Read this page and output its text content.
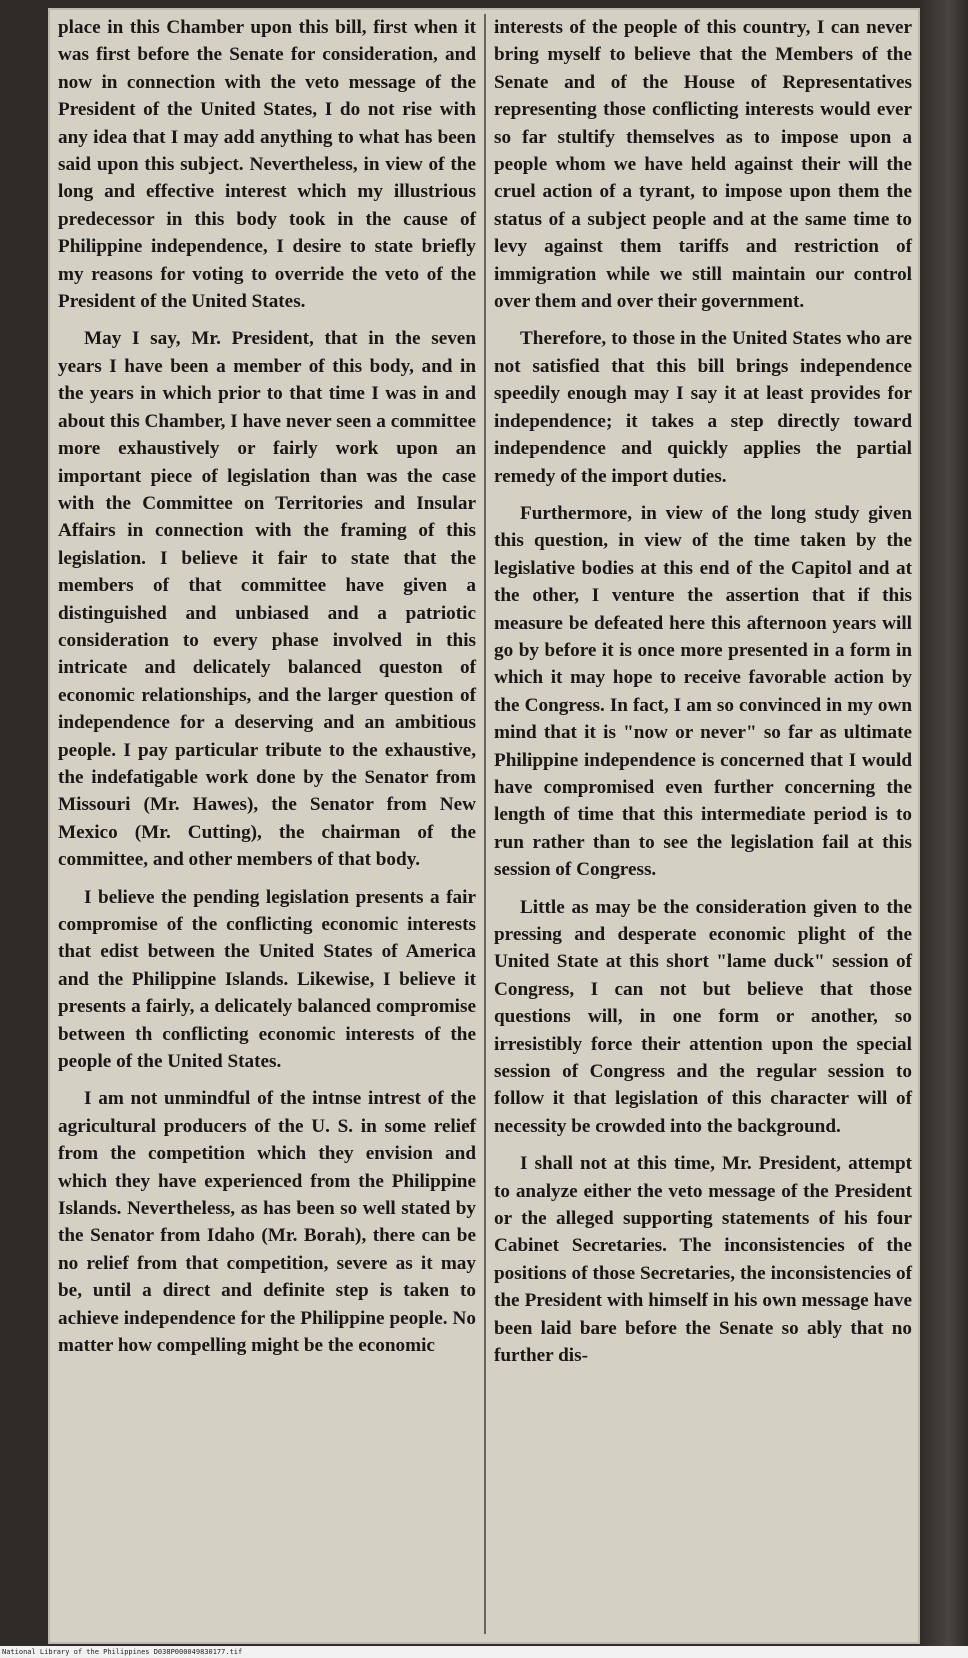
place in this Chamber upon this bill, first when it was first before the Senate for consideration, and now in connection with the veto message of the President of the United States, I do not rise with any idea that I may add anything to what has been said upon this subject. Nevertheless, in view of the long and effective interest which my illustrious predecessor in this body took in the cause of Philippine independence, I desire to state briefly my reasons for voting to override the veto of the President of the United States.

May I say, Mr. President, that in the seven years I have been a member of this body, and in the years in which prior to that time I was in and about this Chamber, I have never seen a committee more exhaustively or fairly work upon an important piece of legislation than was the case with the Committee on Territories and Insular Affairs in connection with the framing of this legislation. I believe it fair to state that the members of that committee have given a distinguished and unbiased and a patriotic consideration to every phase involved in this intricate and delicately balanced queston of economic relationships, and the larger question of independence for a deserving and an ambitious people. I pay particular tribute to the exhaustive, the indefatigable work done by the Senator from Missouri (Mr. Hawes), the Senator from New Mexico (Mr. Cutting), the chairman of the committee, and other members of that body.

I believe the pending legislation presents a fair compromise of the conflicting economic interests that edist between the United States of America and the Philippine Islands. Likewise, I believe it presents a fairly, a delicately balanced compromise between th conflicting economic interests of the people of the United States.

I am not unmindful of the intnse intrest of the agricultural producers of the U. S. in some relief from the competition which they envision and which they have experienced from the Philippine Islands. Nevertheless, as has been so well stated by the Senator from Idaho (Mr. Borah), there can be no relief from that competition, severe as it may be, until a direct and definite step is taken to achieve independence for the Philippine people. No matter how compelling might be the economic

interests of the people of this country, I can never bring myself to believe that the Members of the Senate and of the House of Representatives representing those conflicting interests would ever so far stultify themselves as to impose upon a people whom we have held against their will the cruel action of a tyrant, to impose upon them the status of a subject people and at the same time to levy against them tariffs and restriction of immigration while we still maintain our control over them and over their government.

Therefore, to those in the United States who are not satisfied that this bill brings independence speedily enough may I say it at least provides for independence; it takes a step directly toward independence and quickly applies the partial remedy of the import duties.

Furthermore, in view of the long study given this question, in view of the time taken by the legislative bodies at this end of the Capitol and at the other, I venture the assertion that if this measure be defeated here this afternoon years will go by before it is once more presented in a form in which it may hope to receive favorable action by the Congress. In fact, I am so convinced in my own mind that it is "now or never" so far as ultimate Philippine independence is concerned that I would have compromised even further concerning the length of time that this intermediate period is to run rather than to see the legislation fail at this session of Congress.

Little as may be the consideration given to the pressing and desperate economic plight of the United State at this short "lame duck" session of Congress, I can not but believe that those questions will, in one form or another, so irresistibly force their attention upon the special session of Congress and the regular session to follow it that legislation of this character will of necessity be crowded into the background.

I shall not at this time, Mr. President, attempt to analyze either the veto message of the President or the alleged supporting statements of his four Cabinet Secretaries. The inconsistencies of the positions of those Secretaries, the inconsistencies of the President with himself in his own message have been laid bare before the Senate so ably that no further dis-

National Library of the Philippines D038P000049830177.tif
